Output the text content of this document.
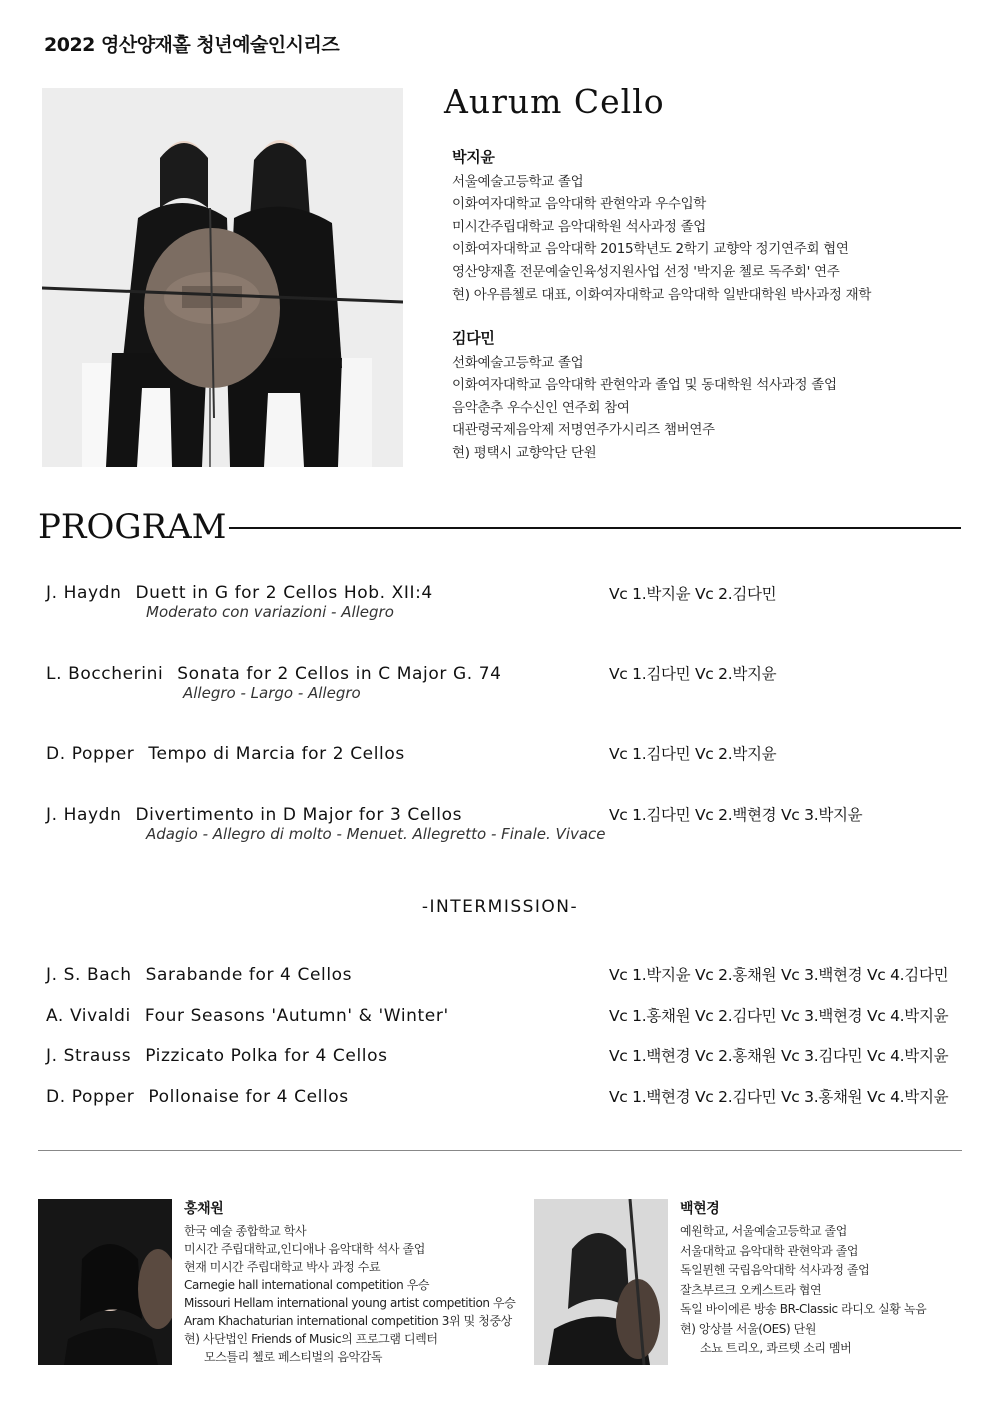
2022 영산양재홀 청년예술인시리즈
Aurum Cello
박지윤
서울예술고등학교 졸업
이화여자대학교 음악대학 관현악과 우수입학
미시간주립대학교 음악대학원 석사과정 졸업
이화여자대학교 음악대학 2015학년도 2학기 교향악 정기연주회 협연
영산양재홀 전문예술인육성지원사업 선정 '박지윤 첼로 독주회' 연주
현) 아우름첼로 대표, 이화여자대학교 음악대학 일반대학원 박사과정 재학
김다민
선화예술고등학교 졸업
이화여자대학교 음악대학 관현악과 졸업 및 동대학원 석사과정 졸업
음악춘추 우수신인 연주회 참여
대관령국제음악제 저명연주가시리즈 챔버연주
현) 평택시 교향악단 단원
PROGRAM
J. Haydn Duett in G for 2 Cellos Hob. XII:4
Moderato con variazioni - Allegro
Vc 1.박지윤 Vc 2.김다민
L. Boccherini Sonata for 2 Cellos in C Major G. 74
Allegro - Largo - Allegro
Vc 1.김다민 Vc 2.박지윤
D. Popper Tempo di Marcia for 2 Cellos	Vc 1.김다민 Vc 2.박지윤
J. Haydn Divertimento in D Major for 3 Cellos
Adagio - Allegro di molto - Menuet. Allegretto - Finale. Vivace
Vc 1.김다민 Vc 2.백현경 Vc 3.박지윤
-INTERMISSION-
J. S. Bach Sarabande for 4 Cellos	Vc 1.박지윤 Vc 2.홍채원 Vc 3.백현경 Vc 4.김다민
A. Vivaldi Four Seasons 'Autumn' & 'Winter'	Vc 1.홍채원 Vc 2.김다민 Vc 3.백현경 Vc 4.박지윤
J. Strauss Pizzicato Polka for 4 Cellos	Vc 1.백현경 Vc 2.홍채원 Vc 3.김다민 Vc 4.박지윤
D. Popper Pollonaise for 4 Cellos	Vc 1.백현경 Vc 2.김다민 Vc 3.홍채원 Vc 4.박지윤
홍채원
한국 예술 종합학교 학사
미시간 주립대학교,인디애나 음악대학 석사 졸업
현재 미시간 주립대학교 박사 과정 수료
Carnegie hall international competition 우승
Missouri Hellam international young artist competition 우승
Aram Khachaturian international competition 3위 및 청중상
현) 사단법인 Friends of Music의 프로그램 디렉터
모스틀리 첼로 페스티벌의 음악감독
백현경
예원학교, 서울예술고등학교 졸업
서울대학교 음악대학 관현악과 졸업
독일뮌헨 국립음악대학 석사과정 졸업
잘츠부르크 오케스트라 협연
독일 바이에른 방송 BR-Classic 라디오 실황 녹음
현) 앙상블 서울(OES) 단원
소뇨 트리오, 콰르텟 소리 멤버
